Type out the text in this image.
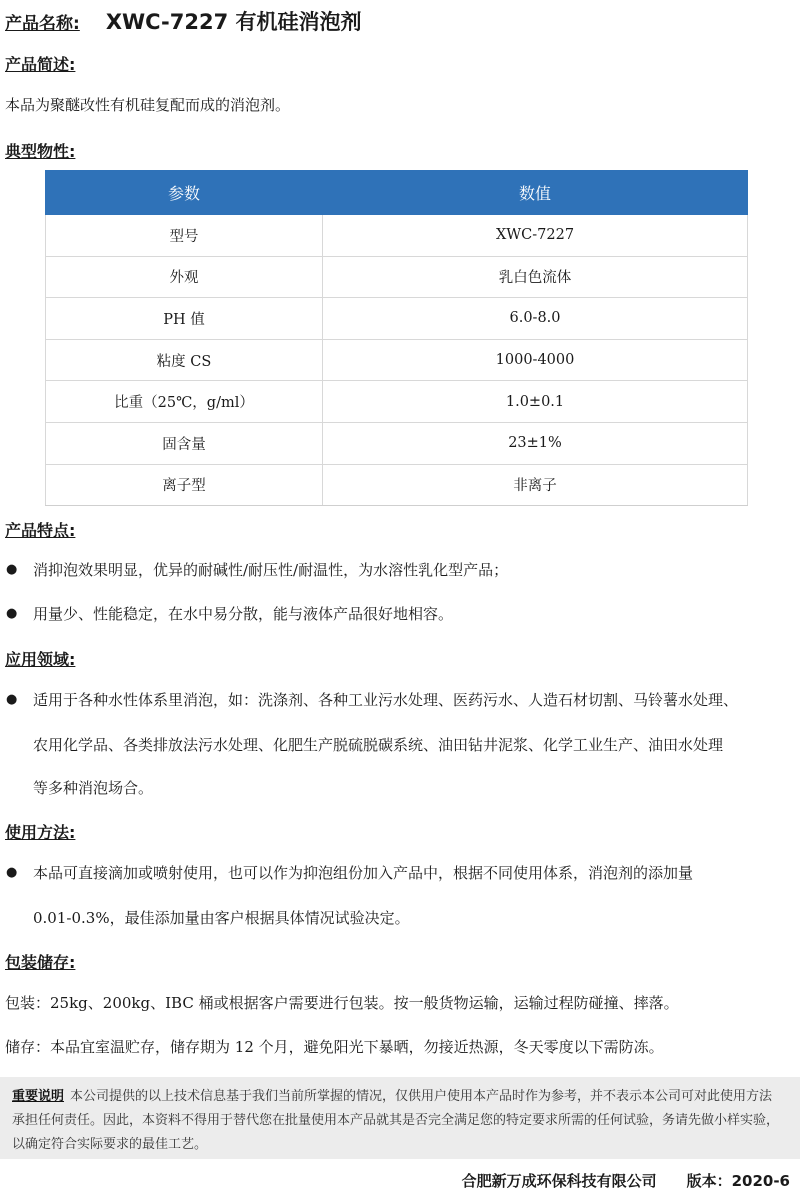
产品名称: XWC-7227 有机硅消泡剂
产品简述:
本品为聚醚改性有机硅复配而成的消泡剂。
典型物性:
参数	数值
型号	XWC-7227
外观	乳白色流体
PH 值	6.0-8.0
粘度 CS	1000-4000
比重（25℃，g/ml）	1.0±0.1
固含量	23±1%
离子型	非离子
产品特点:
● 消抑泡效果明显，优异的耐碱性/耐压性/耐温性，为水溶性乳化型产品；
● 用量少、性能稳定，在水中易分散，能与液体产品很好地相容。
应用领域:
● 适用于各种水性体系里消泡，如：洗涤剂、各种工业污水处理、医药污水、人造石材切割、马铃薯水处理、
农用化学品、各类排放法污水处理、化肥生产脱硫脱碳系统、油田钻井泥浆、化学工业生产、油田水处理
等多种消泡场合。
使用方法:
● 本品可直接滴加或喷射使用，也可以作为抑泡组份加入产品中，根据不同使用体系，消泡剂的添加量
0.01-0.3%，最佳添加量由客户根据具体情况试验决定。
包装储存:
包装：25kg、200kg、IBC 桶或根据客户需要进行包装。按一般货物运输，运输过程防碰撞、摔落。
储存：本品宜室温贮存，储存期为 12 个月，避免阳光下暴晒，勿接近热源，冬天零度以下需防冻。
重要说明 本公司提供的以上技术信息基于我们当前所掌握的情况，仅供用户使用本产品时作为参考，并不表示本公司可对此使用方法承担任何责任。因此，本资料不得用于替代您在批量使用本产品就其是否完全满足您的特定要求所需的任何试验，务请先做小样实验，以确定符合实际要求的最佳工艺。
合肥新万成环保科技有限公司 版本：2020-6
